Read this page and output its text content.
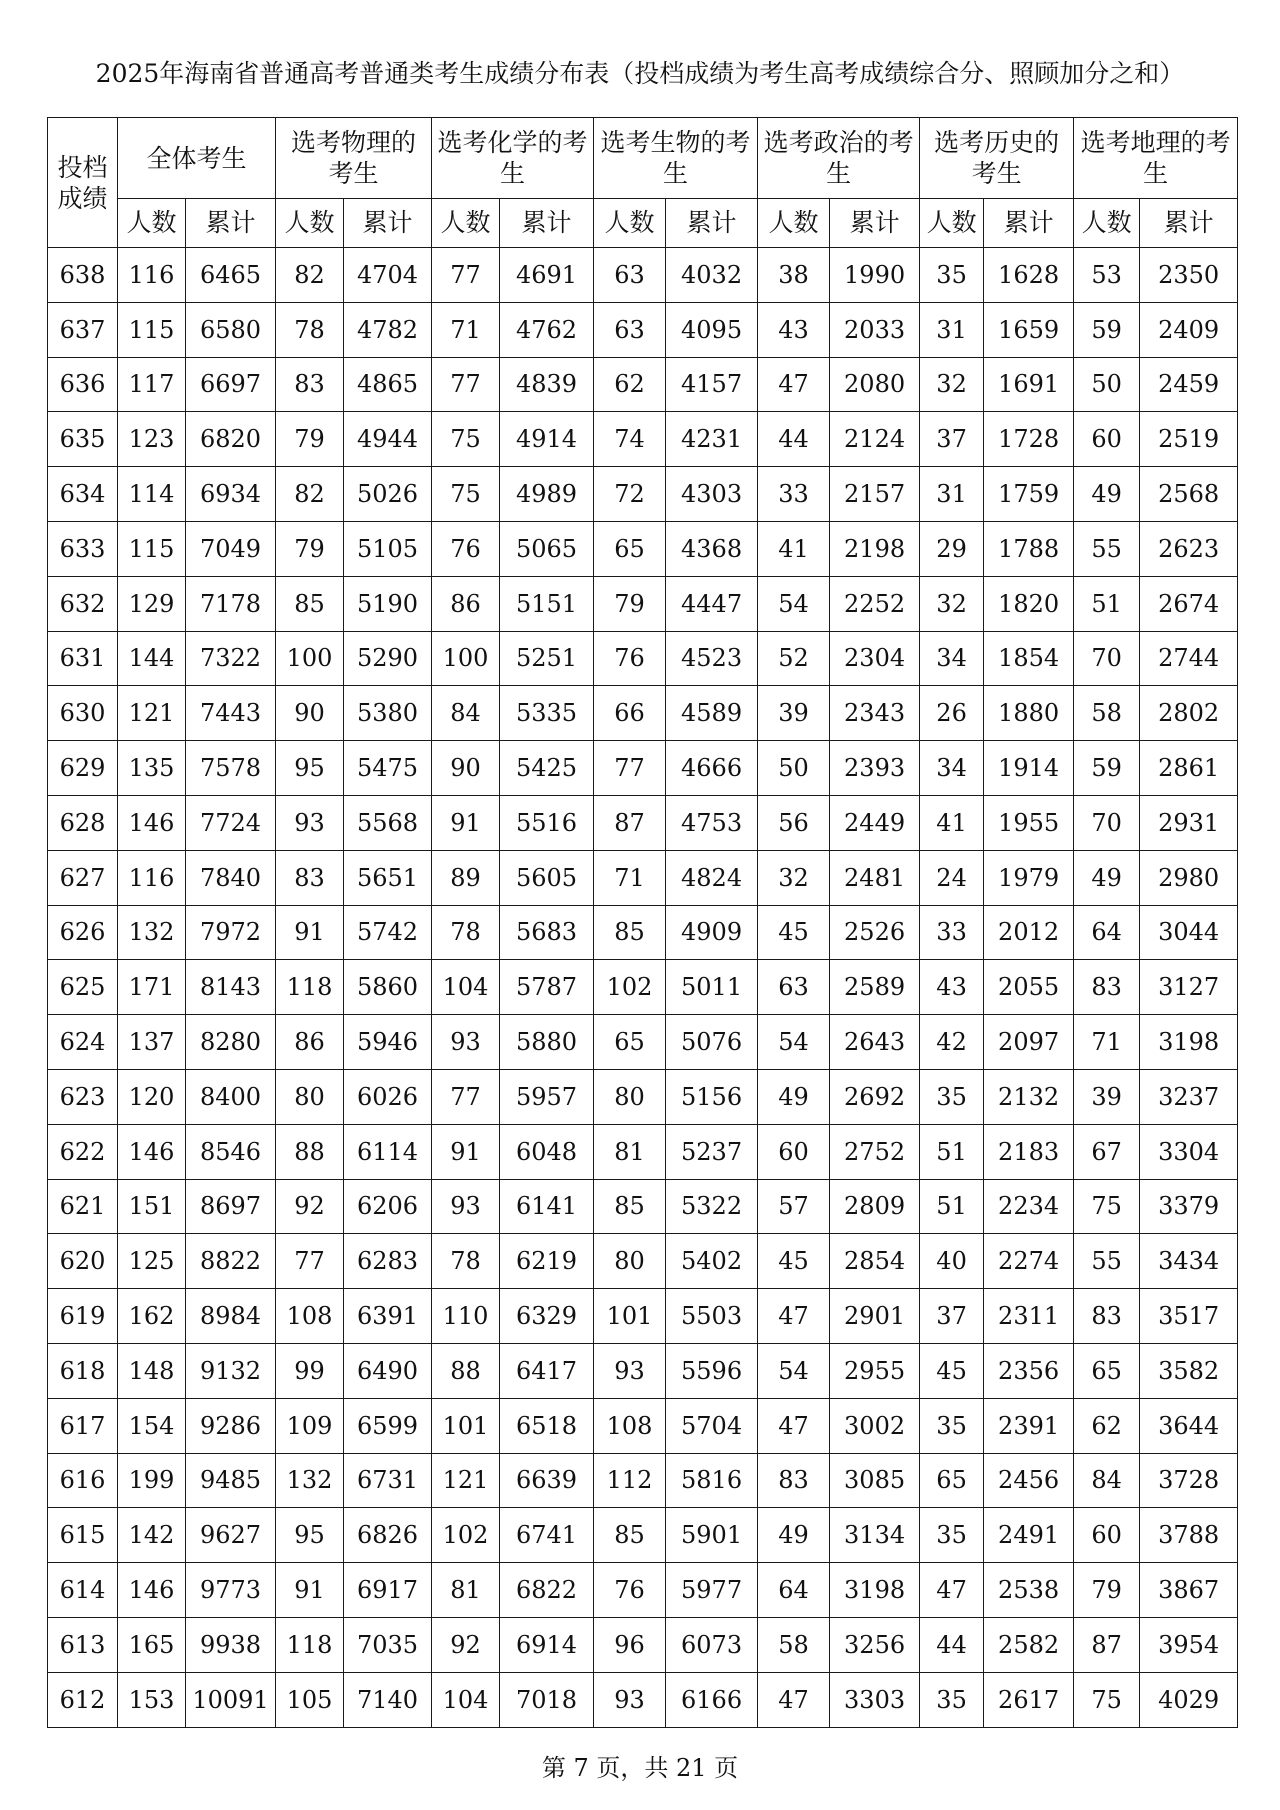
2025年海南省普通高考普通类考生成绩分布表（投档成绩为考生高考成绩综合分、照顾加分之和）
投档成绩	全体考生		选考物理的考生		选考化学的考生		选考生物的考生		选考政治的考生		选考历史的考生		选考地理的考生	
	人数	累计	人数	累计	人数	累计	人数	累计	人数	累计	人数	累计	人数	累计
638	116	6465	82	4704	77	4691	63	4032	38	1990	35	1628	53	2350
637	115	6580	78	4782	71	4762	63	4095	43	2033	31	1659	59	2409
636	117	6697	83	4865	77	4839	62	4157	47	2080	32	1691	50	2459
635	123	6820	79	4944	75	4914	74	4231	44	2124	37	1728	60	2519
634	114	6934	82	5026	75	4989	72	4303	33	2157	31	1759	49	2568
633	115	7049	79	5105	76	5065	65	4368	41	2198	29	1788	55	2623
632	129	7178	85	5190	86	5151	79	4447	54	2252	32	1820	51	2674
631	144	7322	100	5290	100	5251	76	4523	52	2304	34	1854	70	2744
630	121	7443	90	5380	84	5335	66	4589	39	2343	26	1880	58	2802
629	135	7578	95	5475	90	5425	77	4666	50	2393	34	1914	59	2861
628	146	7724	93	5568	91	5516	87	4753	56	2449	41	1955	70	2931
627	116	7840	83	5651	89	5605	71	4824	32	2481	24	1979	49	2980
626	132	7972	91	5742	78	5683	85	4909	45	2526	33	2012	64	3044
625	171	8143	118	5860	104	5787	102	5011	63	2589	43	2055	83	3127
624	137	8280	86	5946	93	5880	65	5076	54	2643	42	2097	71	3198
623	120	8400	80	6026	77	5957	80	5156	49	2692	35	2132	39	3237
622	146	8546	88	6114	91	6048	81	5237	60	2752	51	2183	67	3304
621	151	8697	92	6206	93	6141	85	5322	57	2809	51	2234	75	3379
620	125	8822	77	6283	78	6219	80	5402	45	2854	40	2274	55	3434
619	162	8984	108	6391	110	6329	101	5503	47	2901	37	2311	83	3517
618	148	9132	99	6490	88	6417	93	5596	54	2955	45	2356	65	3582
617	154	9286	109	6599	101	6518	108	5704	47	3002	35	2391	62	3644
616	199	9485	132	6731	121	6639	112	5816	83	3085	65	2456	84	3728
615	142	9627	95	6826	102	6741	85	5901	49	3134	35	2491	60	3788
614	146	9773	91	6917	81	6822	76	5977	64	3198	47	2538	79	3867
613	165	9938	118	7035	92	6914	96	6073	58	3256	44	2582	87	3954
612	153	10091	105	7140	104	7018	93	6166	47	3303	35	2617	75	4029
第 7 页，共 21 页
